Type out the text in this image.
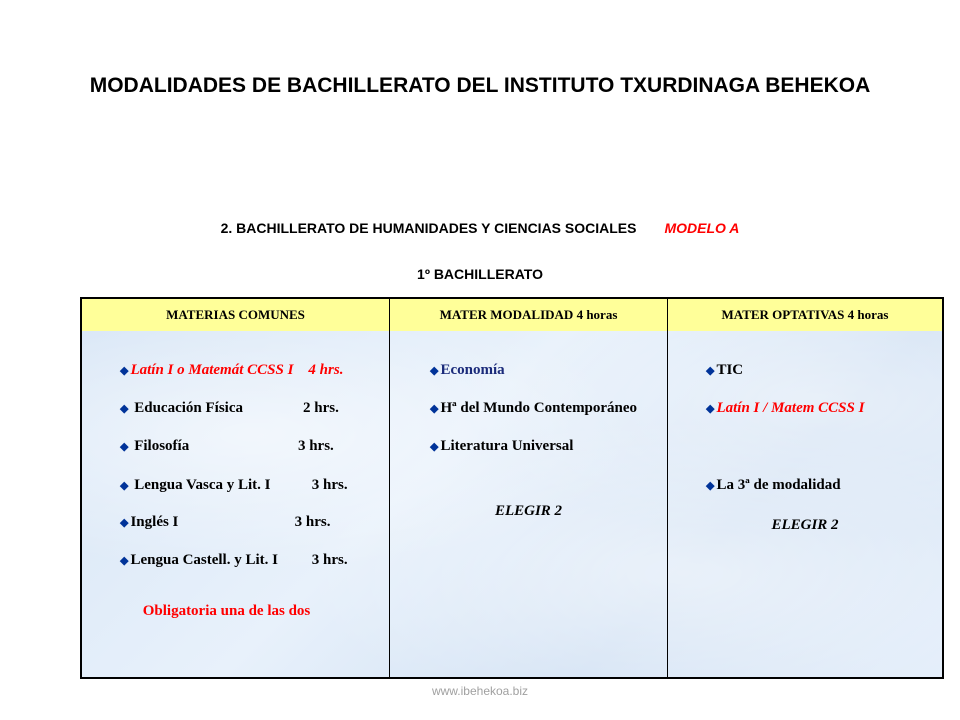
MODALIDADES DE BACHILLERATO DEL INSTITUTO TXURDINAGA BEHEKOA
2. BACHILLERATO DE HUMANIDADES Y CIENCIAS SOCIALES MODELO A
1º BACHILLERATO
MATERIAS COMUNES	MATER MODALIDAD 4 horas	MATER OPTATIVAS 4 horas

◆ Latín I o Matemát CCSS I    4 hrs.

◆ Educación Física                2 hrs.

◆ Filosofía                             3 hrs.

◆ Lengua Vasca y Lit. I           3 hrs.

◆ Inglés I                               3 hrs.

◆ Lengua Castell. y Lit. I         3 hrs.

Obligatoria una de las dos

◆ Economía

◆ Hª del Mundo Contemporáneo

◆ Literatura Universal

ELEGIR 2

◆ TIC

◆ Latín I / Matem CCSS I

◆ La 3ª de modalidad

ELEGIR 2
www.ibehekoa.biz
